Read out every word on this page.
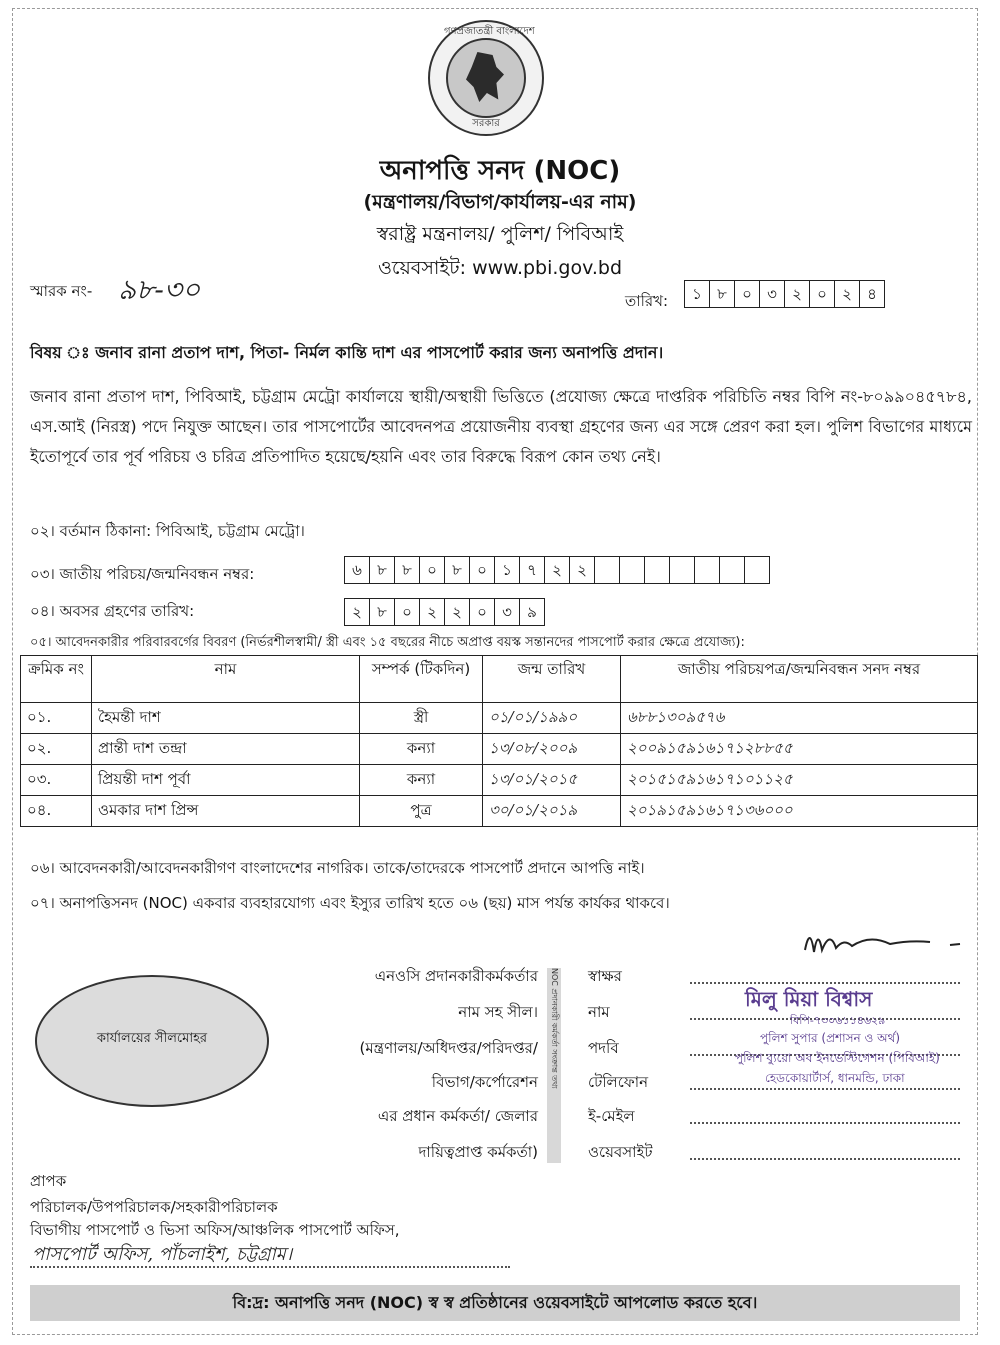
গণপ্রজাতন্ত্রী বাংলাদেশ
সরকার
অনাপত্তি সনদ (NOC)
(মন্ত্রণালয়/বিভাগ/কার্যালয়-এর নাম)
স্বরাষ্ট্র মন্ত্রনালয়/ পুলিশ/ পিবিআই
ওয়েবসাইট: www.pbi.gov.bd
স্মারক নং- ৯৮-৩০	তারিখ:	১	৮	০	৩	২	০	২	৪
বিষয় ঃ জনাব রানা প্রতাপ দাশ, পিতা- নির্মল কান্তি দাশ এর পাসপোর্ট করার জন্য অনাপত্তি প্রদান।
জনাব রানা প্রতাপ দাশ, পিবিআই, চট্টগ্রাম মেট্রো কার্যালয়ে স্থায়ী/অস্থায়ী ভিত্তিতে (প্রযোজ্য ক্ষেত্রে দাপ্তরিক পরিচিতি নম্বর বিপি নং-৮০৯৯০৪৫৭৮৪, এস.আই (নিরস্ত্র) পদে নিযুক্ত আছেন। তার পাসপোর্টের আবেদনপত্র প্রয়োজনীয় ব্যবস্থা গ্রহণের জন্য এর সঙ্গে প্রেরণ করা হল। পুলিশ বিভাগের মাধ্যমে ইতোপূর্বে তার পূর্ব পরিচয় ও চরিত্র প্রতিপাদিত হয়েছে/হয়নি এবং তার বিরুদ্ধে বিরূপ কোন তথ্য নেই।
০২। বর্তমান ঠিকানা: পিবিআই, চট্টগ্রাম মেট্রো।
০৩। জাতীয় পরিচয়/জন্মনিবন্ধন নম্বর:	৬	৮	৮	০	৮	০	১	৭	২	২
০৪। অবসর গ্রহণের তারিখ:	২	৮	০	২	২	০	৩	৯
০৫। আবেদনকারীর পরিবারবর্গের বিবরণ (নির্ভরশীলস্বামী/ স্ত্রী এবং ১৫ বছরের নীচে অপ্রাপ্ত বয়স্ক সন্তানদের পাসপোর্ট করার ক্ষেত্রে প্রযোজ্য):
ক্রমিক নং	নাম	সম্পর্ক (টিকদিন)	জন্ম তারিখ	জাতীয় পরিচয়পত্র/জন্মনিবন্ধন সনদ নম্বর
০১.	হৈমন্তী দাশ	স্ত্রী	০১/০১/১৯৯০	৬৮৮১৩০৯৫৭৬
০২.	প্রান্তী দাশ তন্দ্রা	কন্যা	১৩/০৮/২০০৯	২০০৯১৫৯১৬১৭১২৮৮৫৫
০৩.	প্রিয়ন্তী দাশ পূর্বা	কন্যা	১৩/০১/২০১৫	২০১৫১৫৯১৬১৭১০১১২৫
০৪.	ওমকার দাশ প্রিন্স	পুত্র	৩০/০১/২০১৯	২০১৯১৫৯১৬১৭১৩৬০০০
০৬। আবেদনকারী/আবেদনকারীগণ বাংলাদেশের নাগরিক। তাকে/তাদেরকে পাসপোর্ট প্রদানে আপত্তি নাই।
০৭। অনাপত্তিসনদ (NOC) একবার ব্যবহারযোগ্য এবং ইস্যুর তারিখ হতে ০৬ (ছয়) মাস পর্যন্ত কার্যকর থাকবে।
কার্যালয়ের সীলমোহর
এনওসি প্রদানকারীকর্মকর্তার
নাম সহ সীল।
(মন্ত্রণালয়/অধিদপ্তর/পরিদপ্তর/
বিভাগ/কর্পোরেশন
এর প্রধান কর্মকর্তা/ জেলার
দায়িত্বপ্রাপ্ত কর্মকর্তা)
NOC প্রদানকারী কর্মকর্তা সংক্রান্ত তথ্য স্বাক্ষর
নাম
পদবি
টেলিফোন
ই-মেইল
ওয়েবসাইট
মিলু মিয়া বিশ্বাস
বিপি-৭৩০৬১১৪৬২৯
পুলিশ সুপার (প্রশাসন ও অর্থ)
পুলিশ ব্যুরো অব ইনভেস্টিগেশন (পিবিআই)
হেডকোয়ার্টার্স, ধানমন্ডি, ঢাকা
প্রাপক
পরিচালক/উপপরিচালক/সহকারীপরিচালক
বিভাগীয় পাসপোর্ট ও ভিসা অফিস/আঞ্চলিক পাসপোর্ট অফিস,
পাসপোর্ট অফিস, পাঁচলাইশ, চট্টগ্রাম।
বি:দ্র: অনাপত্তি সনদ (NOC) স্ব স্ব প্রতিষ্ঠানের ওয়েবসাইটে আপলোড করতে হবে।
